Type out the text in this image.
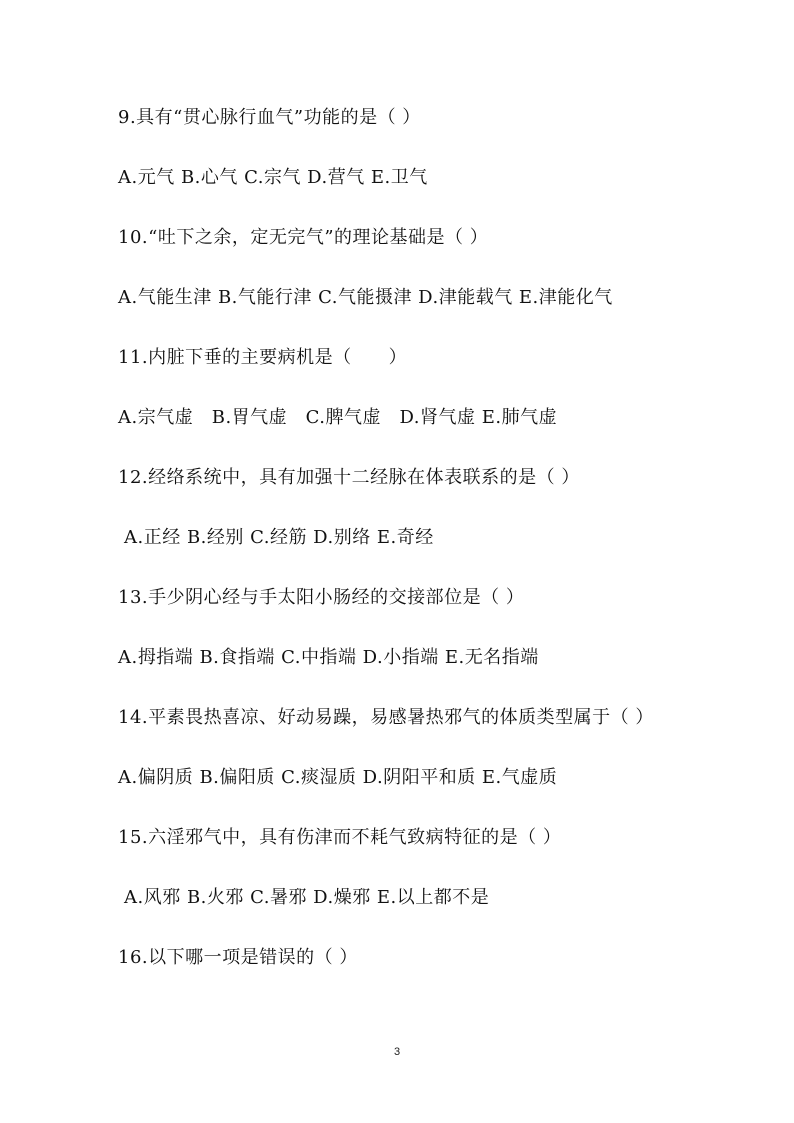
9.具有“贯心脉行血气”功能的是（ ）
A.元气 B.心气 C.宗气 D.营气 E.卫气
10.“吐下之余，定无完气”的理论基础是（ ）
A.气能生津 B.气能行津 C.气能摄津 D.津能载气 E.津能化气
11.内脏下垂的主要病机是（　　）
A.宗气虚　B.胃气虚　C.脾气虚　D.肾气虚 E.肺气虚
12.经络系统中，具有加强十二经脉在体表联系的是（ ）
A.正经 B.经别 C.经筋 D.别络 E.奇经
13.手少阴心经与手太阳小肠经的交接部位是（ ）
A.拇指端 B.食指端 C.中指端 D.小指端 E.无名指端
14.平素畏热喜凉、好动易躁，易感暑热邪气的体质类型属于（ ）
A.偏阴质 B.偏阳质 C.痰湿质 D.阴阳平和质 E.气虚质
15.六淫邪气中，具有伤津而不耗气致病特征的是（ ）
A.风邪 B.火邪 C.暑邪 D.燥邪 E.以上都不是
16.以下哪一项是错误的（ ）
3
